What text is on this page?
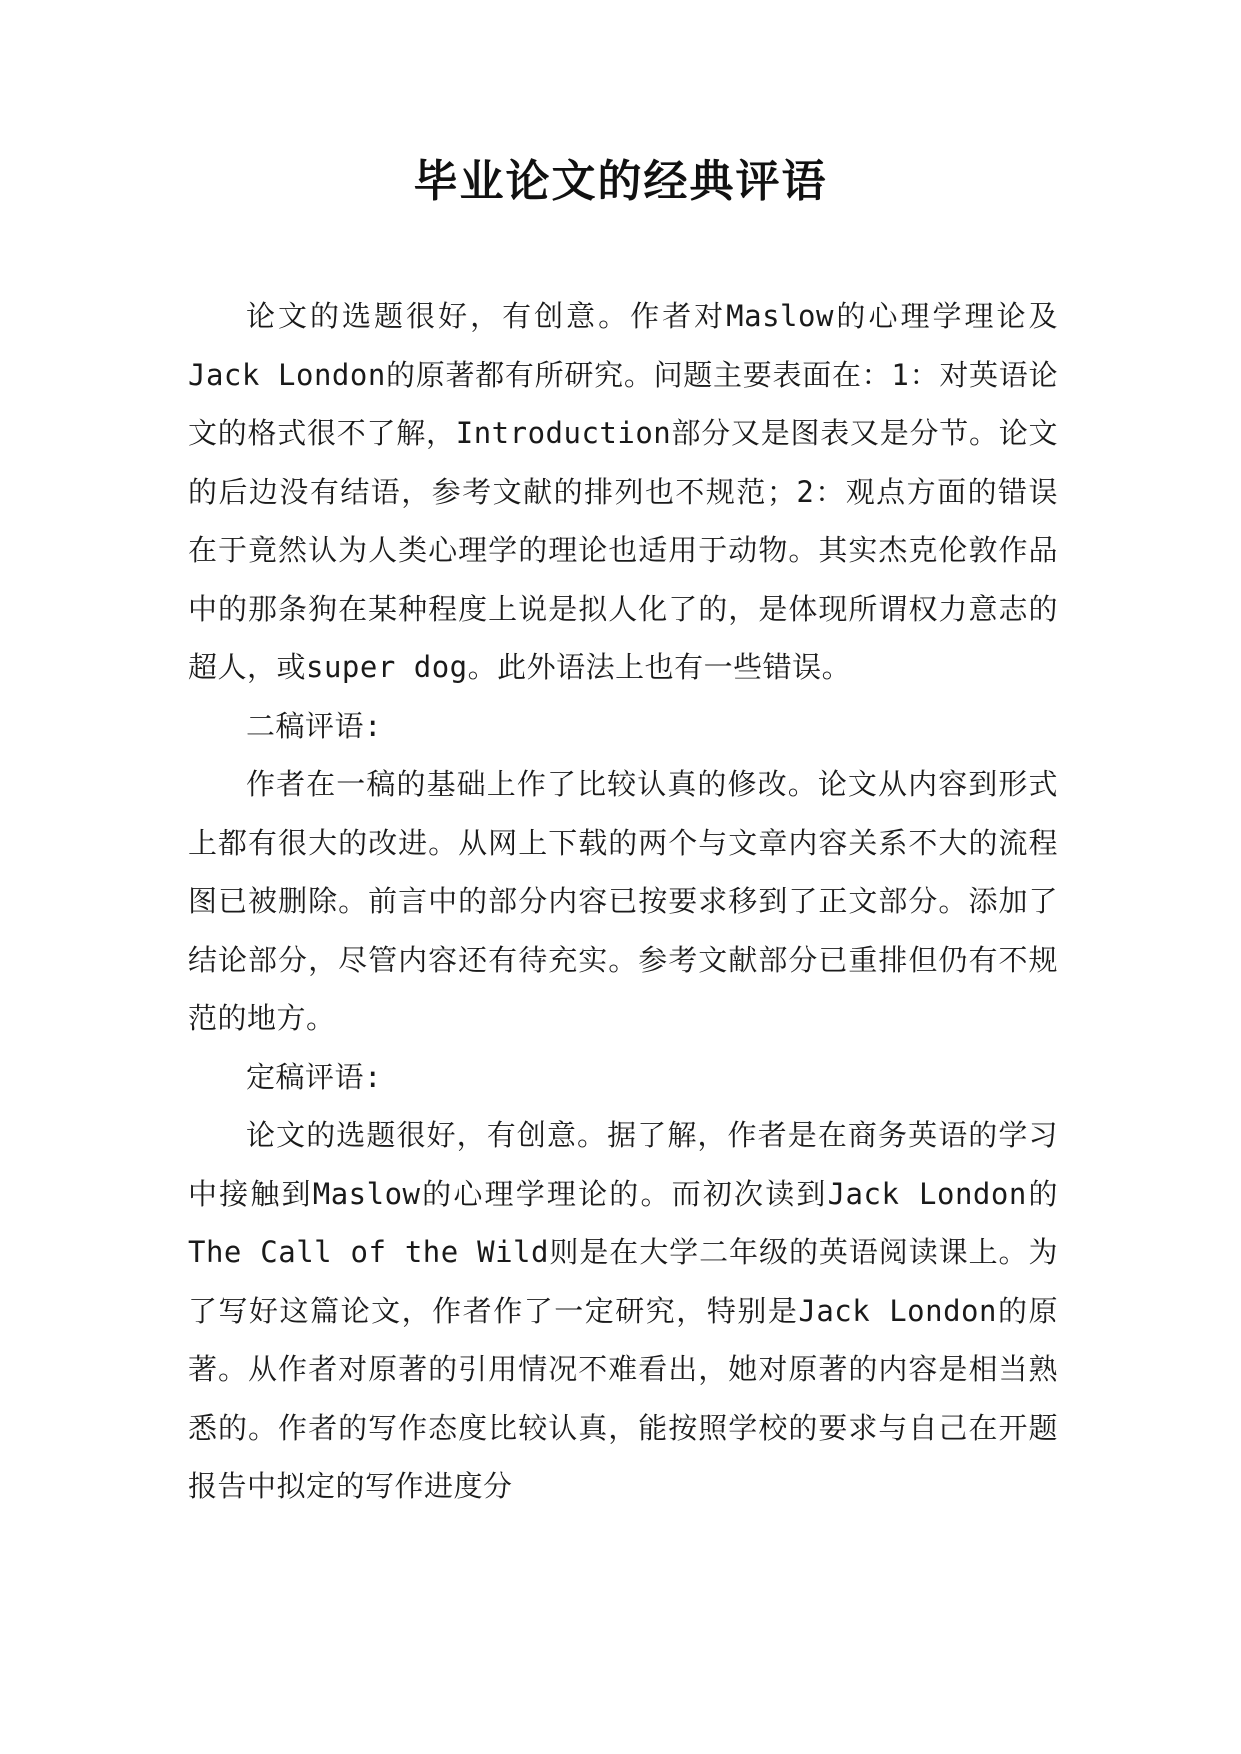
毕业论文的经典评语

论文的选题很好，有创意。作者对Maslow的心理学理论及Jack London的原著都有所研究。问题主要表面在：1：对英语论文的格式很不了解，Introduction部分又是图表又是分节。论文的后边没有结语，参考文献的排列也不规范；2：观点方面的错误在于竟然认为人类心理学的理论也适用于动物。其实杰克伦敦作品中的那条狗在某种程度上说是拟人化了的，是体现所谓权力意志的超人，或super dog。此外语法上也有一些错误。

二稿评语:

作者在一稿的基础上作了比较认真的修改。论文从内容到形式上都有很大的改进。从网上下载的两个与文章内容关系不大的流程图已被删除。前言中的部分内容已按要求移到了正文部分。添加了结论部分，尽管内容还有待充实。参考文献部分已重排但仍有不规范的地方。

定稿评语:

论文的选题很好，有创意。据了解，作者是在商务英语的学习中接触到Maslow的心理学理论的。而初次读到Jack London的The Call of the Wild则是在大学二年级的英语阅读课上。为了写好这篇论文，作者作了一定研究，特别是Jack London的原著。从作者对原著的引用情况不难看出，她对原著的内容是相当熟悉的。作者的写作态度比较认真，能按照学校的要求与自己在开题报告中拟定的写作进度分
